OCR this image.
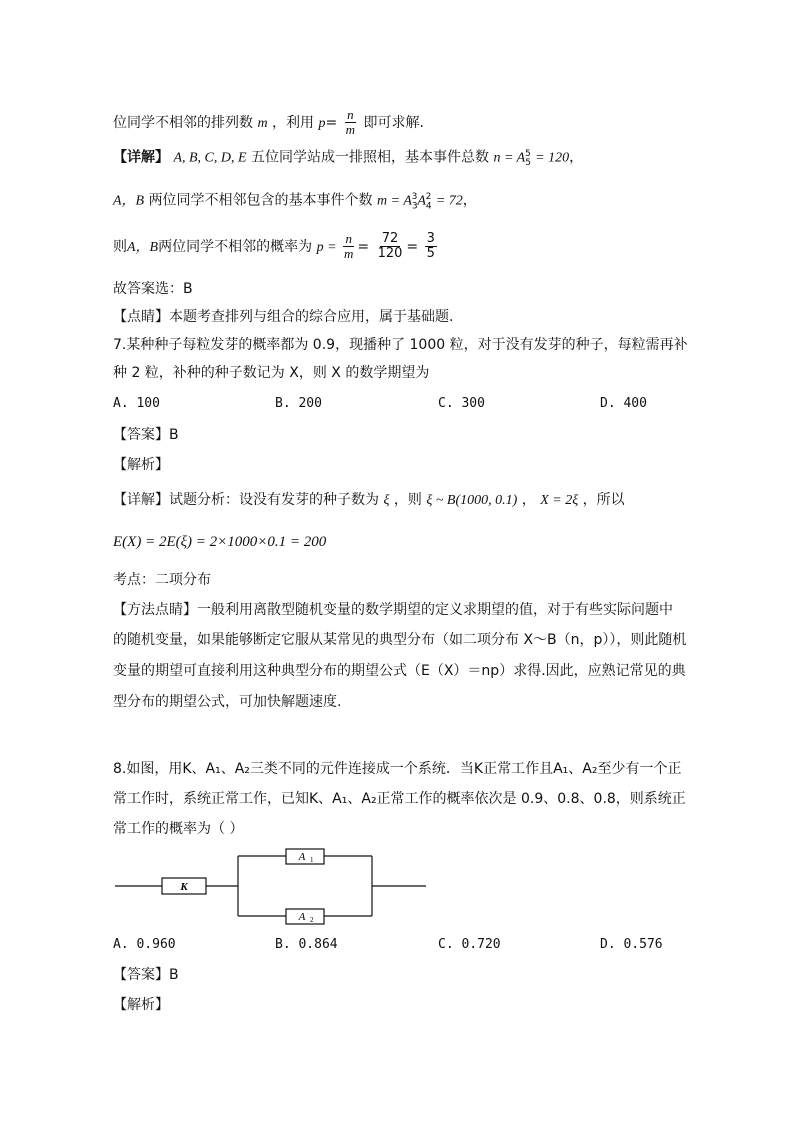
位同学不相邻的排列数 m ，利用 $p= \frac{n}{m}$ 即可求解.
【详解】 A, B, C, D, E 五位同学站成一排照相，基本事件总数 $n = A_5^5 = 120$，
A，B 两位同学不相邻包含的基本事件个数 $m = A_3^3A_4^2 = 72$，
则A，B两位同学不相邻的概率为 $p = \frac{n}{m} = \frac{72}{120} = \frac{3}{5}$
故答案选：B
【点睛】本题考查排列与组合的综合应用，属于基础题.
7.某种种子每粒发芽的概率都为 0.9，现播种了 1000 粒，对于没有发芽的种子，每粒需再补
种 2 粒，补种的种子数记为 X，则 X 的数学期望为
A. 100	B. 200	C. 300	D. 400
【答案】B
【解析】
【详解】试题分析：设没有发芽的种子数为 ξ ，则 ξ ~ B(1000, 0.1) ， X = 2ξ ，所以
E(X) = 2E(ξ) = 2×1000×0.1 = 200
考点：二项分布
【方法点睛】一般利用离散型随机变量的数学期望的定义求期望的值，对于有些实际问题中
的随机变量，如果能够断定它服从某常见的典型分布（如二项分布 X～B（n，p）），则此随机
变量的期望可直接利用这种典型分布的期望公式（E（X）＝np）求得.因此，应熟记常见的典
型分布的期望公式，可加快解题速度.
8.如图，用K、A₁、A₂三类不同的元件连接成一个系统．当K正常工作且A₁、A₂至少有一个正
常工作时，系统正常工作，已知K、A₁、A₂正常工作的概率依次是 0.9、0.8、0.8，则系统正
常工作的概率为（ ）
K
A 1
A 2
A. 0.960	B. 0.864	C. 0.720	D. 0.576
【答案】B
【解析】
